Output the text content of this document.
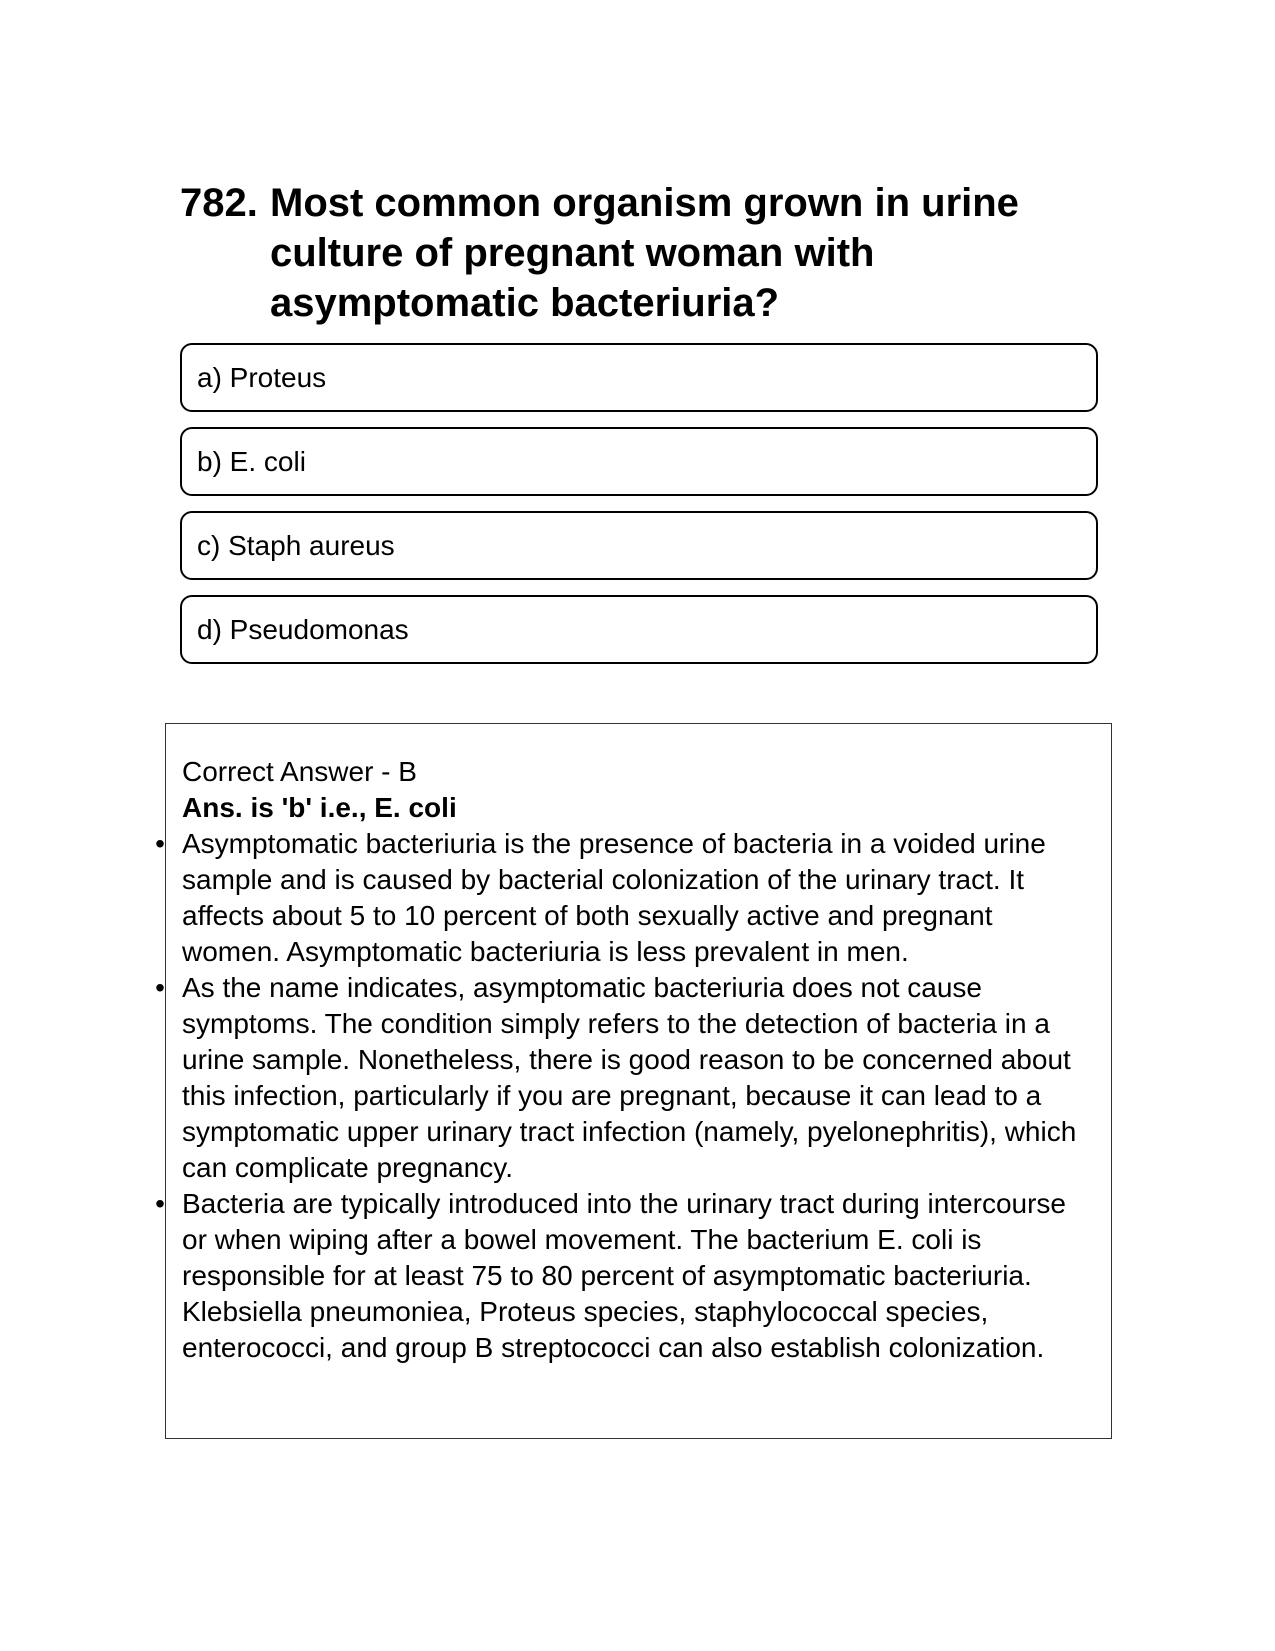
782. Most common organism grown in urine culture of pregnant woman with asymptomatic bacteriuria?
a) Proteus
b) E. coli
c) Staph aureus
d) Pseudomonas
Correct Answer - B
Ans. is 'b' i.e., E. coli
• Asymptomatic bacteriuria is the presence of bacteria in a voided urine sample and is caused by bacterial colonization of the urinary tract. It affects about 5 to 10 percent of both sexually active and pregnant women. Asymptomatic bacteriuria is less prevalent in men.
• As the name indicates, asymptomatic bacteriuria does not cause symptoms. The condition simply refers to the detection of bacteria in a urine sample. Nonetheless, there is good reason to be concerned about this infection, particularly if you are pregnant, because it can lead to a symptomatic upper urinary tract infection (namely, pyelonephritis), which can complicate pregnancy.
• Bacteria are typically introduced into the urinary tract during intercourse or when wiping after a bowel movement. The bacterium E. coli is responsible for at least 75 to 80 percent of asymptomatic bacteriuria. Klebsiella pneumoniea, Proteus species, staphylococcal species, enterococci, and group B streptococci can also establish colonization.
